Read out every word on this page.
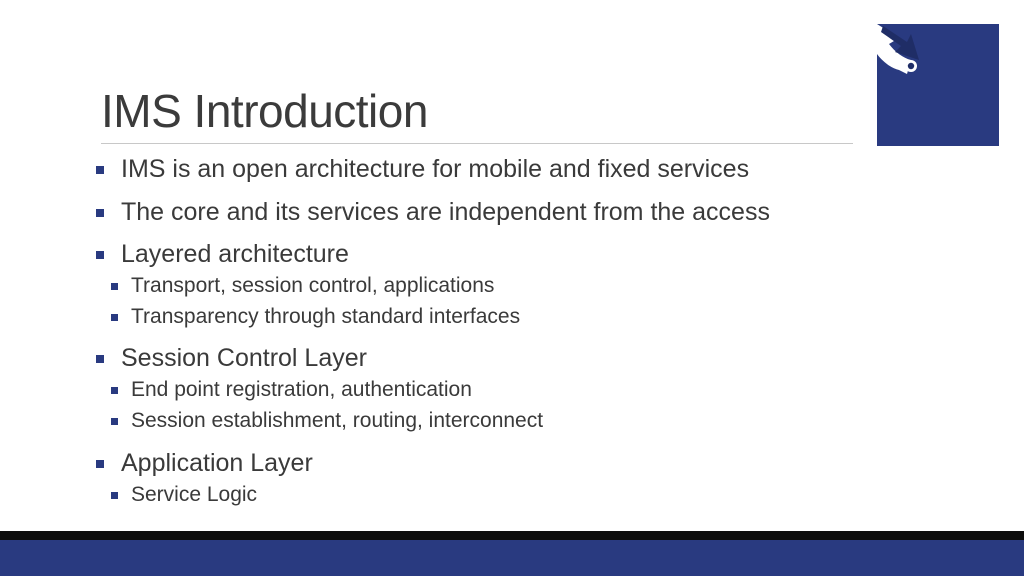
IMS Introduction
IMS is an open architecture for mobile and fixed services
The core and its services are independent from the access
Layered architecture
Transport, session control, applications
Transparency through standard interfaces
Session Control Layer
End point registration, authentication
Session establishment, routing, interconnect
Application Layer
Service Logic
